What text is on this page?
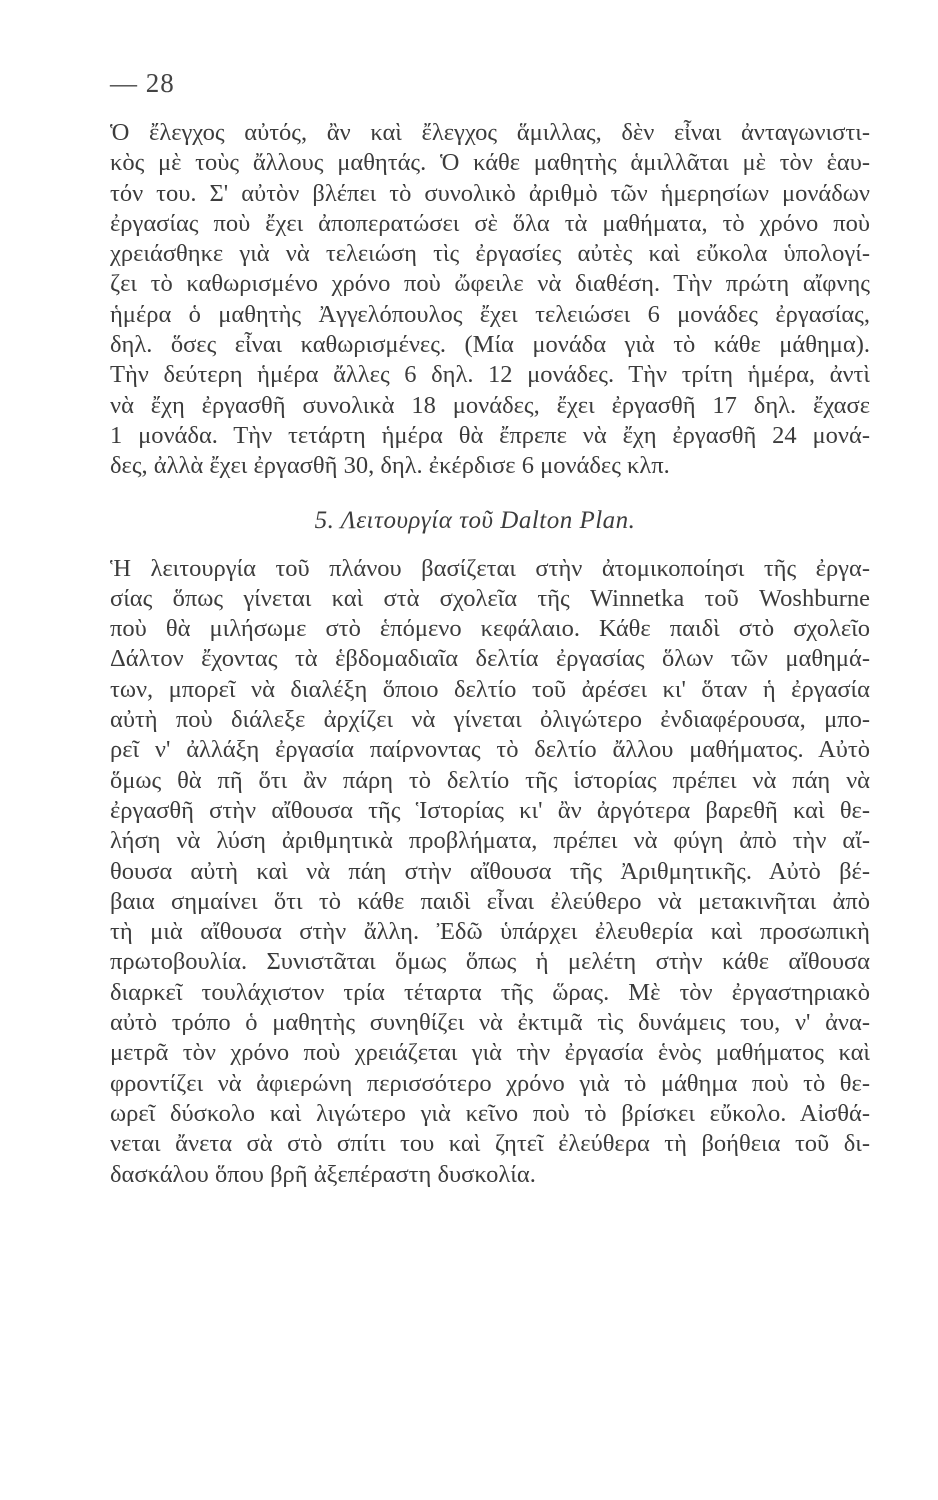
— 28
Ὁ ἔλεγχος αὐτός, ἂν καὶ ἔλεγχος ἅμιλλας, δὲν εἶναι ἀνταγωνιστι-
κὸς μὲ τοὺς ἄλλους μαθητάς. Ὁ κάθε μαθητὴς ἁμιλλᾶται μὲ τὸν ἑαυ-
τόν του. Σ' αὐτὸν βλέπει τὸ συνολικὸ ἀριθμὸ τῶν ἡμερησίων μονάδων
ἐργασίας ποὺ ἔχει ἀποπερατώσει σὲ ὅλα τὰ μαθήματα, τὸ χρόνο ποὺ
χρειάσθηκε γιὰ νὰ τελειώση τὶς ἐργασίες αὐτὲς καὶ εὔκολα ὑπολογί-
ζει τὸ καθωρισμένο χρόνο ποὺ ὤφειλε νὰ διαθέση. Τὴν πρώτη αἴφνης
ἡμέρα ὁ μαθητὴς Ἀγγελόπουλος ἔχει τελειώσει 6 μονάδες ἐργασίας,
δηλ. ὅσες εἶναι καθωρισμένες. (Μία μονάδα γιὰ τὸ κάθε μάθημα).
Τὴν δεύτερη ἡμέρα ἄλλες 6 δηλ. 12 μονάδες. Τὴν τρίτη ἡμέρα, ἀντὶ
νὰ ἔχη ἐργασθῆ συνολικὰ 18 μονάδες, ἔχει ἐργασθῆ 17 δηλ. ἔχασε
1 μονάδα. Τὴν τετάρτη ἡμέρα θὰ ἔπρεπε νὰ ἔχη ἐργασθῆ 24 μονά-
δες, ἀλλὰ ἔχει ἐργασθῆ 30, δηλ. ἐκέρδισε 6 μονάδες κλπ.
5. Λειτουργία τοῦ Dalton Plan.
Ἡ λειτουργία τοῦ πλάνου βασίζεται στὴν ἀτομικοποίησι τῆς ἐργα-
σίας ὅπως γίνεται καὶ στὰ σχολεῖα τῆς Winnetka τοῦ Woshburne
ποὺ θὰ μιλήσωμε στὸ ἑπόμενο κεφάλαιο. Κάθε παιδὶ στὸ σχολεῖο
Δάλτον ἔχοντας τὰ ἑβδομαδιαῖα δελτία ἐργασίας ὅλων τῶν μαθημά-
των, μπορεῖ νὰ διαλέξη ὅποιο δελτίο τοῦ ἀρέσει κι' ὅταν ἡ ἐργασία
αὐτὴ ποὺ διάλεξε ἀρχίζει νὰ γίνεται ὀλιγώτερο ἐνδιαφέρουσα, μπο-
ρεῖ ν' ἀλλάξη ἐργασία παίρνοντας τὸ δελτίο ἄλλου μαθήματος. Αὐτὸ
ὅμως θὰ πῆ ὅτι ἂν πάρη τὸ δελτίο τῆς ἱστορίας πρέπει νὰ πάη νὰ
ἐργασθῆ στὴν αἴθουσα τῆς Ἱστορίας κι' ἂν ἀργότερα βαρεθῆ καὶ θε-
λήση νὰ λύση ἀριθμητικὰ προβλήματα, πρέπει νὰ φύγη ἀπὸ τὴν αἴ-
θουσα αὐτὴ καὶ νὰ πάη στὴν αἴθουσα τῆς Ἀριθμητικῆς. Αὐτὸ βέ-
βαια σημαίνει ὅτι τὸ κάθε παιδὶ εἶναι ἐλεύθερο νὰ μετακινῆται ἀπὸ
τὴ μιὰ αἴθουσα στὴν ἄλλη. Ἐδῶ ὑπάρχει ἐλευθερία καὶ προσωπικὴ
πρωτοβουλία. Συνιστᾶται ὅμως ὅπως ἡ μελέτη στὴν κάθε αἴθουσα
διαρκεῖ τουλάχιστον τρία τέταρτα τῆς ὥρας. Μὲ τὸν ἐργαστηριακὸ
αὐτὸ τρόπο ὁ μαθητὴς συνηθίζει νὰ ἐκτιμᾶ τὶς δυνάμεις του, ν' ἀνα-
μετρᾶ τὸν χρόνο ποὺ χρειάζεται γιὰ τὴν ἐργασία ἑνὸς μαθήματος καὶ
φροντίζει νὰ ἀφιερώνη περισσότερο χρόνο γιὰ τὸ μάθημα ποὺ τὸ θε-
ωρεῖ δύσκολο καὶ λιγώτερο γιὰ κεῖνο ποὺ τὸ βρίσκει εὔκολο. Αἰσθά-
νεται ἄνετα σὰ στὸ σπίτι του καὶ ζητεῖ ἐλεύθερα τὴ βοήθεια τοῦ δι-
δασκάλου ὅπου βρῆ ἀξεπέραστη δυσκολία.
